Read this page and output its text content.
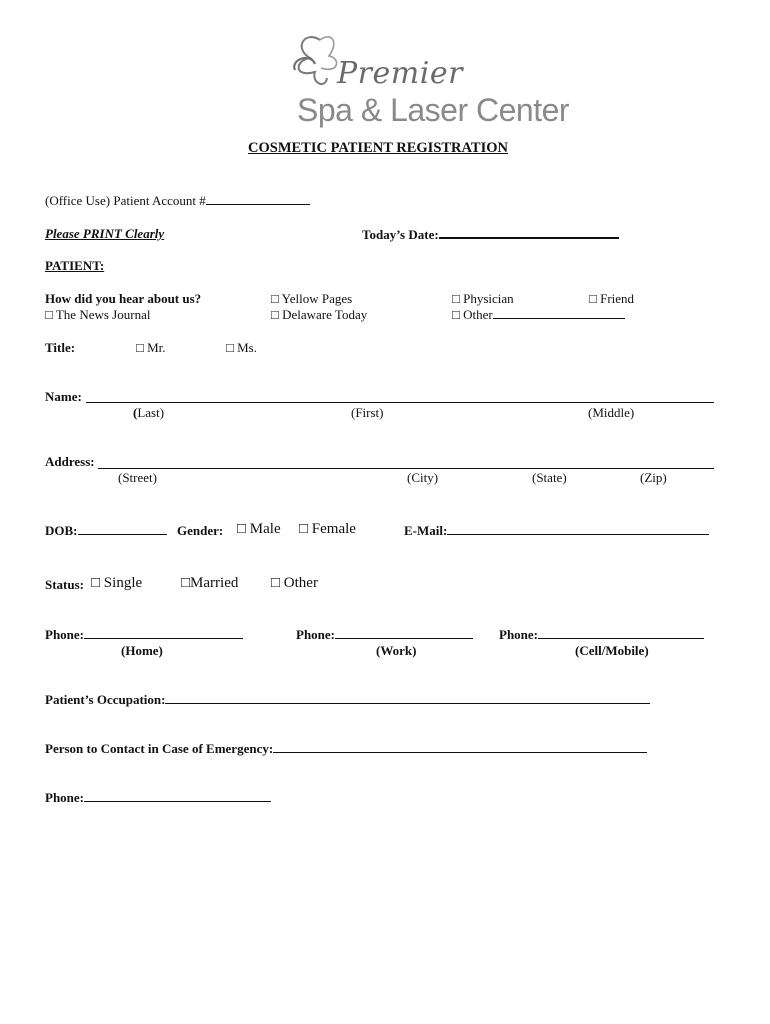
Premier
Spa & Laser Center
COSMETIC PATIENT REGISTRATION
(Office Use) Patient Account #
Please PRINT Clearly	Today’s Date:
PATIENT:
How did you hear about us?	□ Yellow Pages	□ Physician	□ Friend
□ The News Journal	□ Delaware Today	□ Other
Title:	□ Mr.	□ Ms.
Name:
(Last)	(First)	(Middle)
Address:
(Street)	(City)	(State)	(Zip)
DOB:	Gender: □ Male □ Female	E-Mail:
Status: □ Single	□Married □ Other
Phone:
(Home)
Phone:
(Work)
Phone:
(Cell/Mobile)
Patient’s Occupation:
Person to Contact in Case of Emergency:
Phone:
